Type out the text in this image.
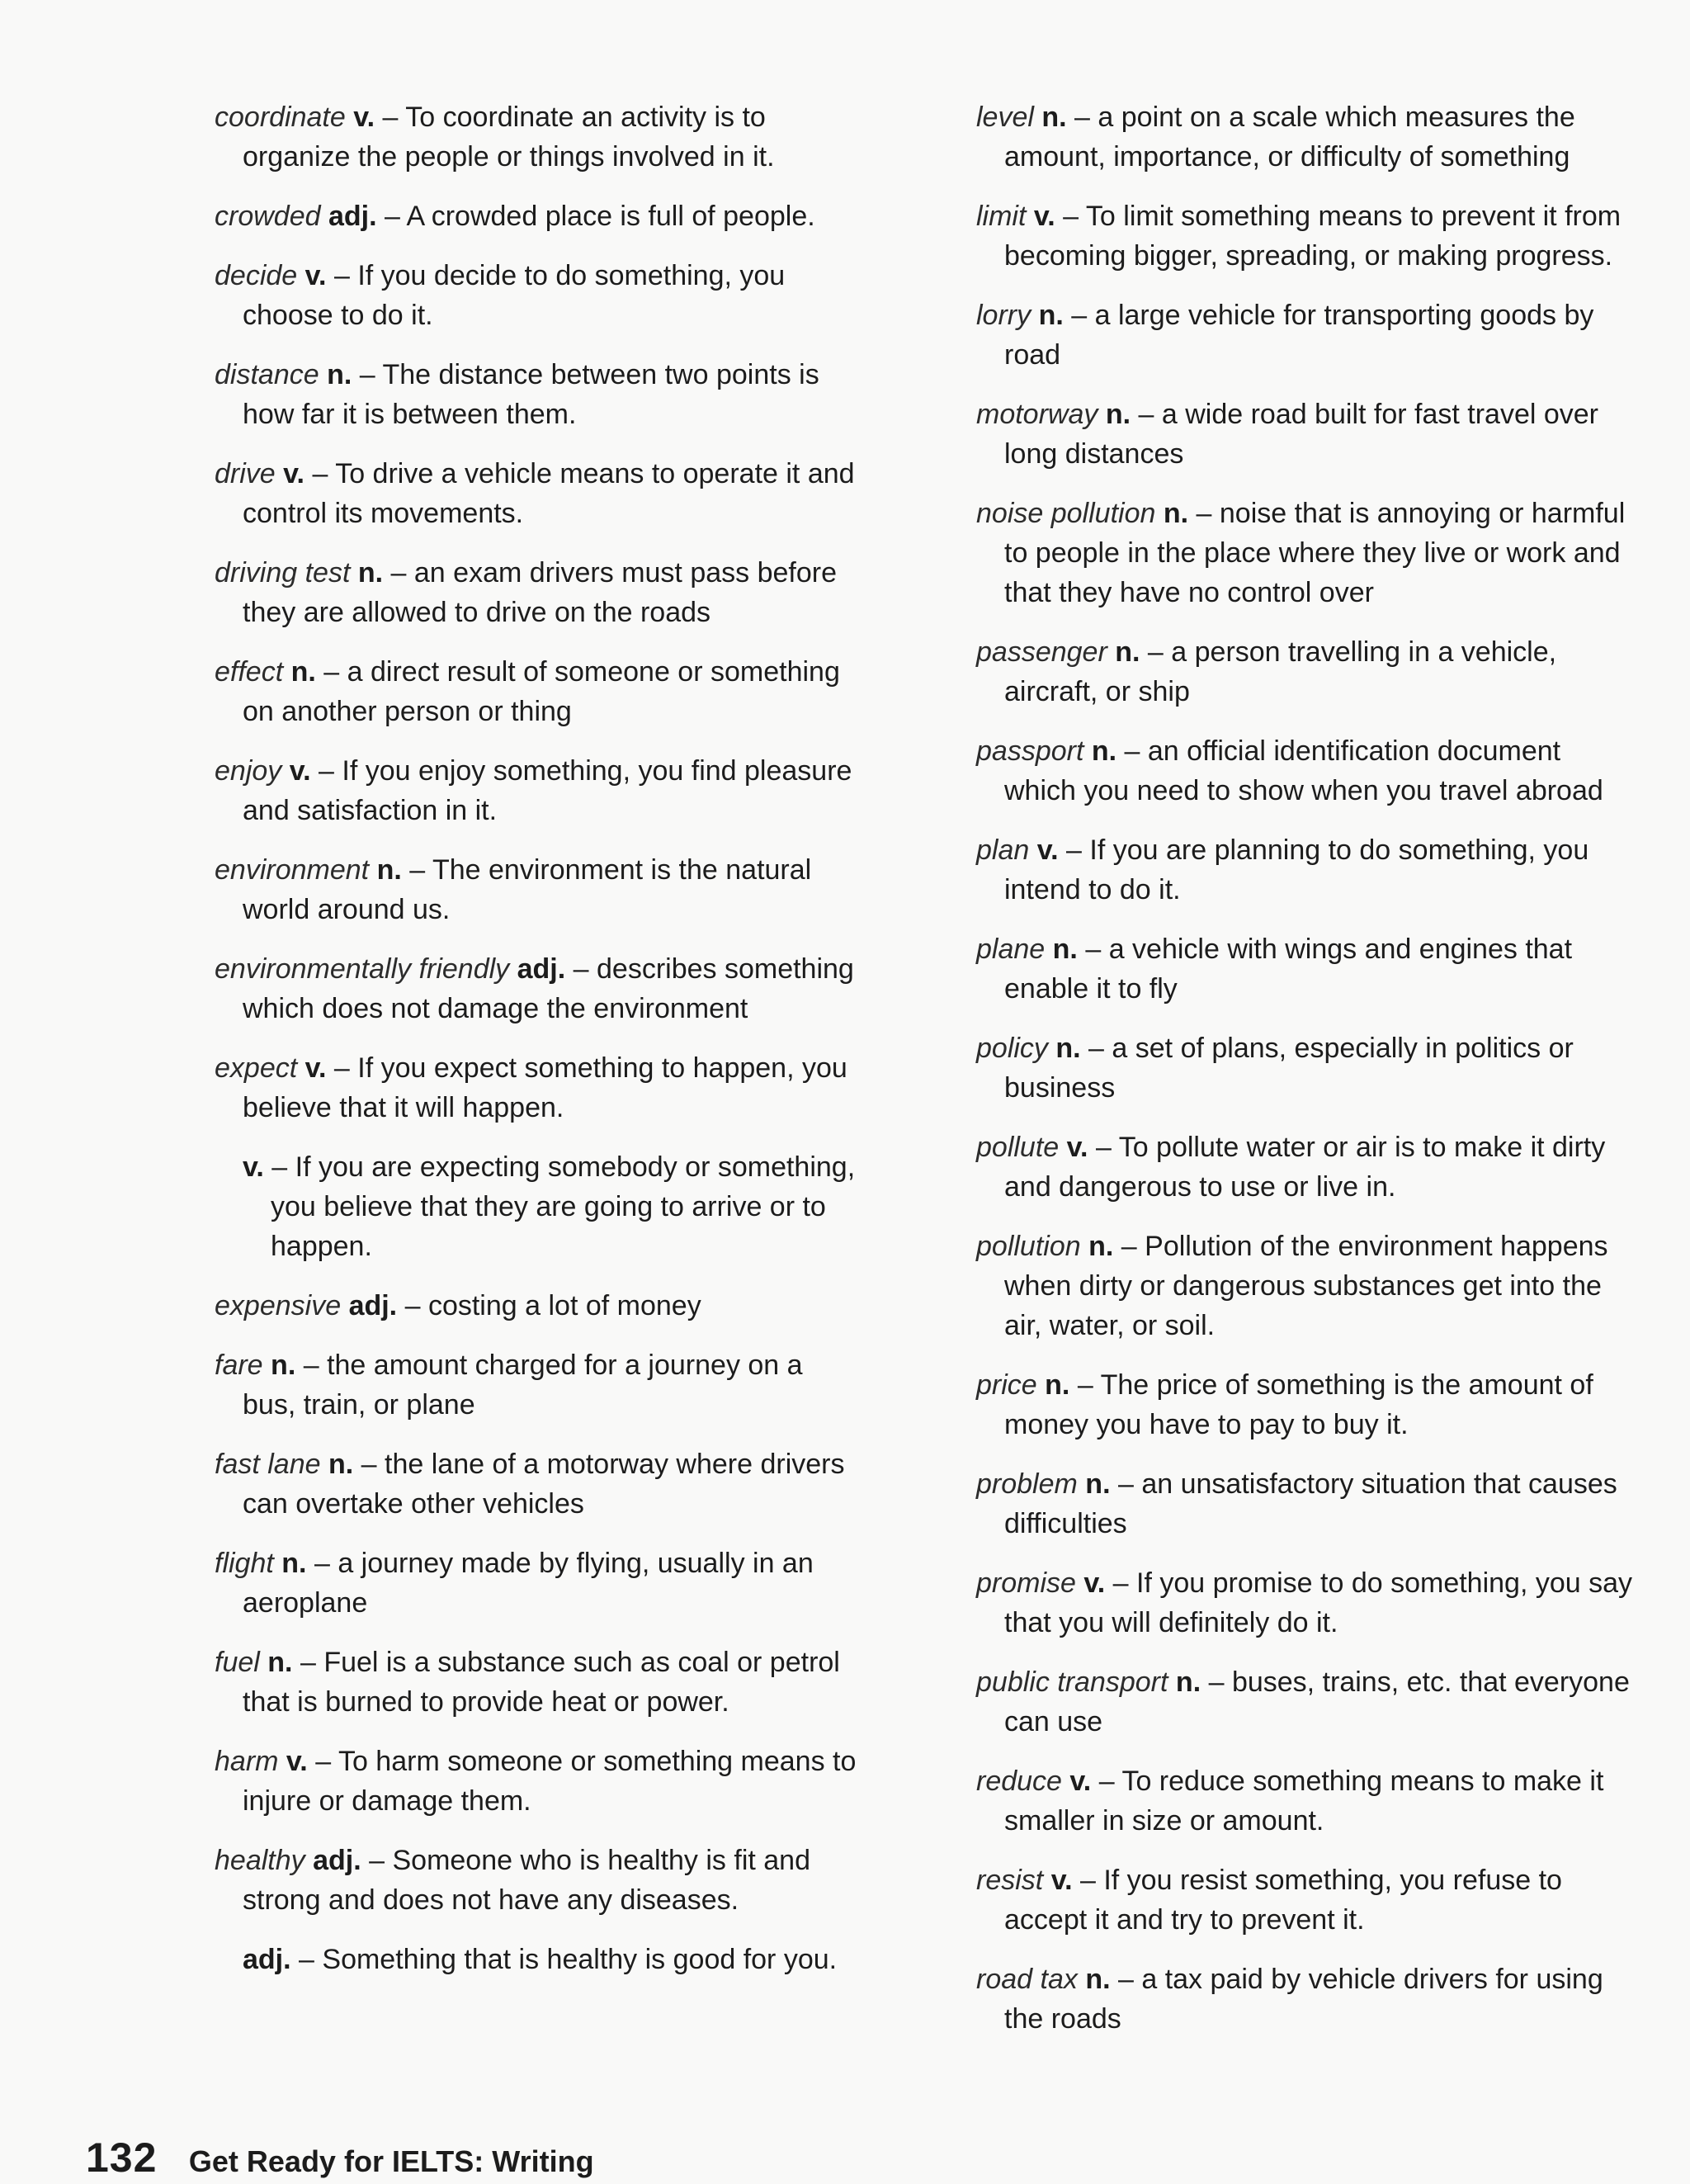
coordinate v. – To coordinate an activity is to organize the people or things involved in it.

crowded adj. – A crowded place is full of people.

decide v. – If you decide to do something, you choose to do it.

distance n. – The distance between two points is how far it is between them.

drive v. – To drive a vehicle means to operate it and control its movements.

driving test n. – an exam drivers must pass before they are allowed to drive on the roads

effect n. – a direct result of someone or something on another person or thing

enjoy v. – If you enjoy something, you find pleasure and satisfaction in it.

environment n. – The environment is the natural world around us.

environmentally friendly adj. – describes something which does not damage the environment

expect v. – If you expect something to happen, you believe that it will happen.

v. – If you are expecting somebody or something, you believe that they are going to arrive or to happen.

expensive adj. – costing a lot of money

fare n. – the amount charged for a journey on a bus, train, or plane

fast lane n. – the lane of a motorway where drivers can overtake other vehicles

flight n. – a journey made by flying, usually in an aeroplane

fuel n. – Fuel is a substance such as coal or petrol that is burned to provide heat or power.

harm v. – To harm someone or something means to injure or damage them.

healthy adj. – Someone who is healthy is fit and strong and does not have any diseases.

adj. – Something that is healthy is good for you.

level n. – a point on a scale which measures the amount, importance, or difficulty of something

limit v. – To limit something means to prevent it from becoming bigger, spreading, or making progress.

lorry n. – a large vehicle for transporting goods by road

motorway n. – a wide road built for fast travel over long distances

noise pollution n. – noise that is annoying or harmful to people in the place where they live or work and that they have no control over

passenger n. – a person travelling in a vehicle, aircraft, or ship

passport n. – an official identification document which you need to show when you travel abroad

plan v. – If you are planning to do something, you intend to do it.

plane n. – a vehicle with wings and engines that enable it to fly

policy n. – a set of plans, especially in politics or business

pollute v. – To pollute water or air is to make it dirty and dangerous to use or live in.

pollution n. – Pollution of the environment happens when dirty or dangerous substances get into the air, water, or soil.

price n. – The price of something is the amount of money you have to pay to buy it.

problem n. – an unsatisfactory situation that causes difficulties

promise v. – If you promise to do something, you say that you will definitely do it.

public transport n. – buses, trains, etc. that everyone can use

reduce v. – To reduce something means to make it smaller in size or amount.

resist v. – If you resist something, you refuse to accept it and try to prevent it.

road tax n. – a tax paid by vehicle drivers for using the roads

132 Get Ready for IELTS: Writing
